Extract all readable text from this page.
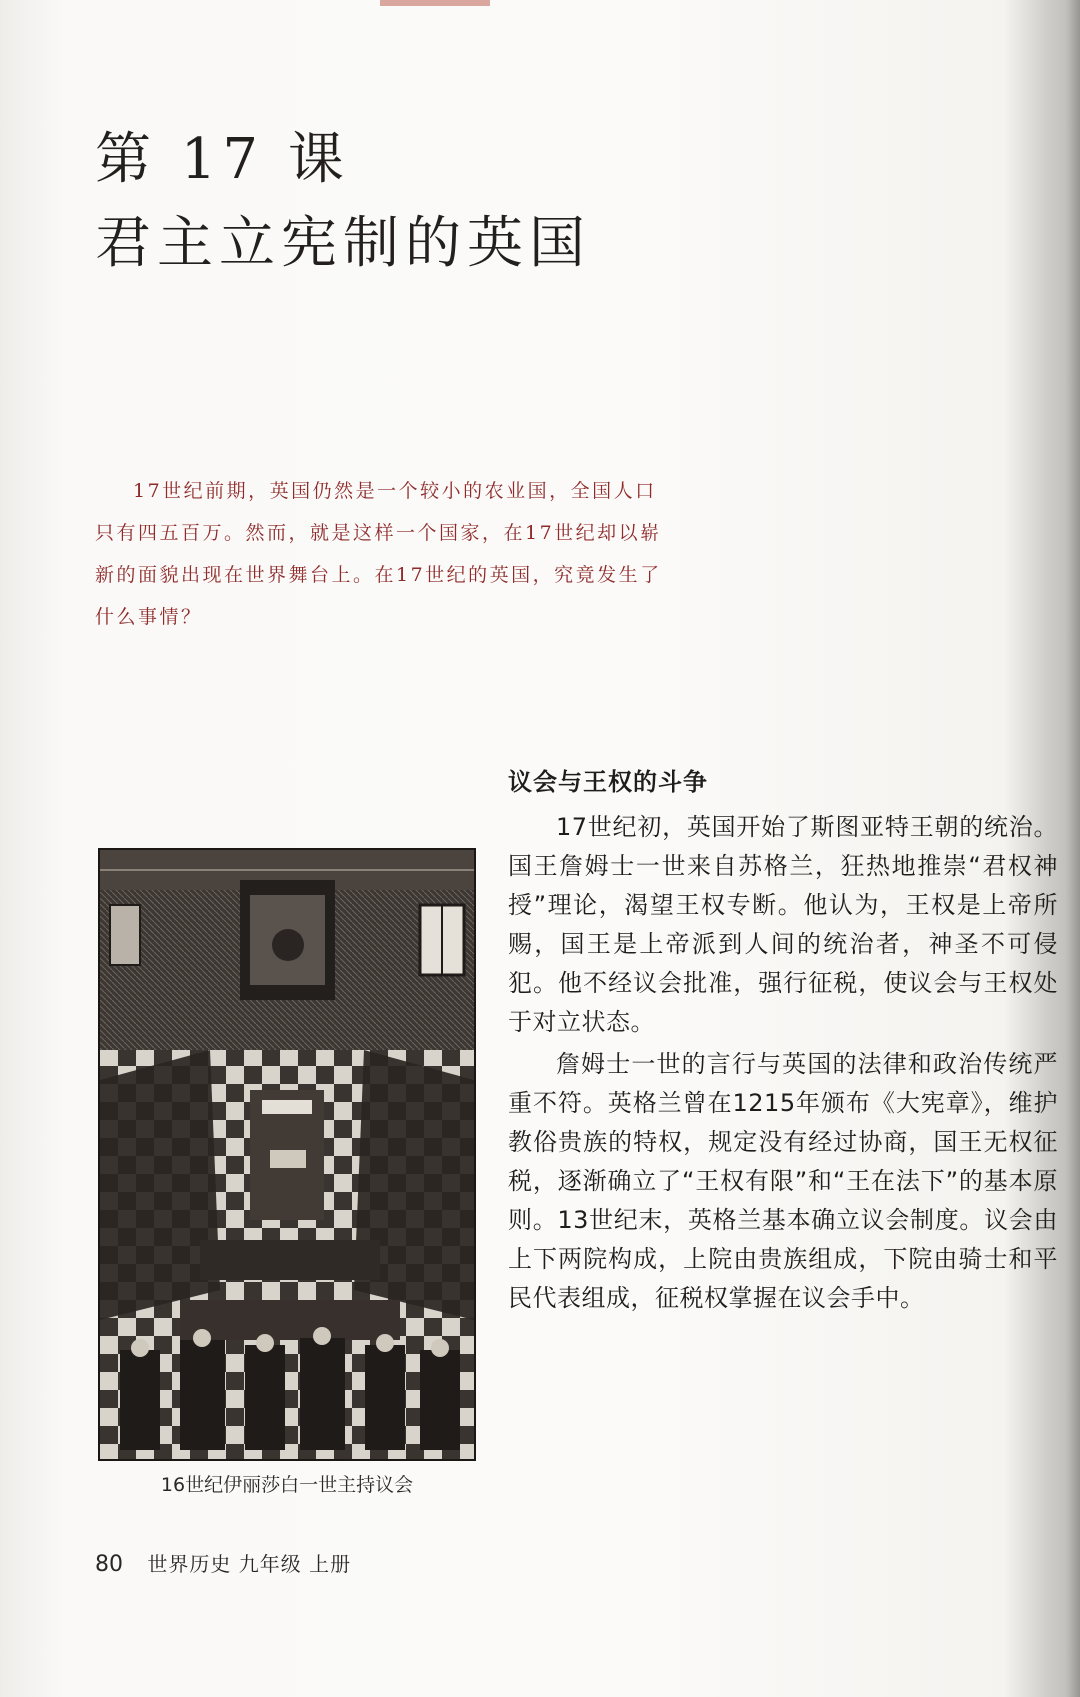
第 17 课
君主立宪制的英国

17世纪前期，英国仍然是一个较小的农业国，全国人口只有四五百万。然而，就是这样一个国家，在17世纪却以崭新的面貌出现在世界舞台上。在17世纪的英国，究竟发生了什么事情？

议会与王权的斗争

17世纪初，英国开始了斯图亚特王朝的统治。国王詹姆士一世来自苏格兰，狂热地推崇“君权神授”理论，渴望王权专断。他认为，王权是上帝所赐，国王是上帝派到人间的统治者，神圣不可侵犯。他不经议会批准，强行征税，使议会与王权处于对立状态。

詹姆士一世的言行与英国的法律和政治传统严重不符。英格兰曾在1215年颁布《大宪章》，维护教俗贵族的特权，规定没有经过协商，国王无权征税，逐渐确立了“王权有限”和“王在法下”的基本原则。13世纪末，英格兰基本确立议会制度。议会由上下两院构成，上院由贵族组成，下院由骑士和平民代表组成，征税权掌握在议会手中。

16世纪伊丽莎白一世主持议会
80 世界历史 九年级 上册
